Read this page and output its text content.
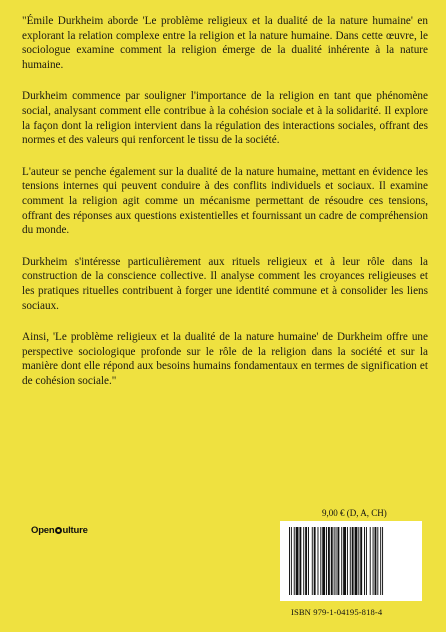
"Émile Durkheim aborde 'Le problème religieux et la dualité de la nature humaine' en explorant la relation complexe entre la religion et la nature humaine. Dans cette œuvre, le sociologue examine comment la religion émerge de la dualité inhérente à la nature humaine.

Durkheim commence par souligner l'importance de la religion en tant que phénomène social, analysant comment elle contribue à la cohésion sociale et à la solidarité. Il explore la façon dont la religion intervient dans la régulation des interactions sociales, offrant des normes et des valeurs qui renforcent le tissu de la société.

L'auteur se penche également sur la dualité de la nature humaine, mettant en évidence les tensions internes qui peuvent conduire à des conflits individuels et sociaux. Il examine comment la religion agit comme un mécanisme permettant de résoudre ces tensions, offrant des réponses aux questions existentielles et fournissant un cadre de compréhension du monde.

Durkheim s'intéresse particulièrement aux rituels religieux et à leur rôle dans la construction de la conscience collective. Il analyse comment les croyances religieuses et les pratiques rituelles contribuent à forger une identité commune et à consolider les liens sociaux.

Ainsi, 'Le problème religieux et la dualité de la nature humaine' de Durkheim offre une perspective sociologique profonde sur le rôle de la religion dans la société et sur la manière dont elle répond aux besoins humains fondamentaux en termes de signification et de cohésion sociale."

Open ulture
9,00 € (D, A, CH)
ISBN 979-1-04195-818-4
